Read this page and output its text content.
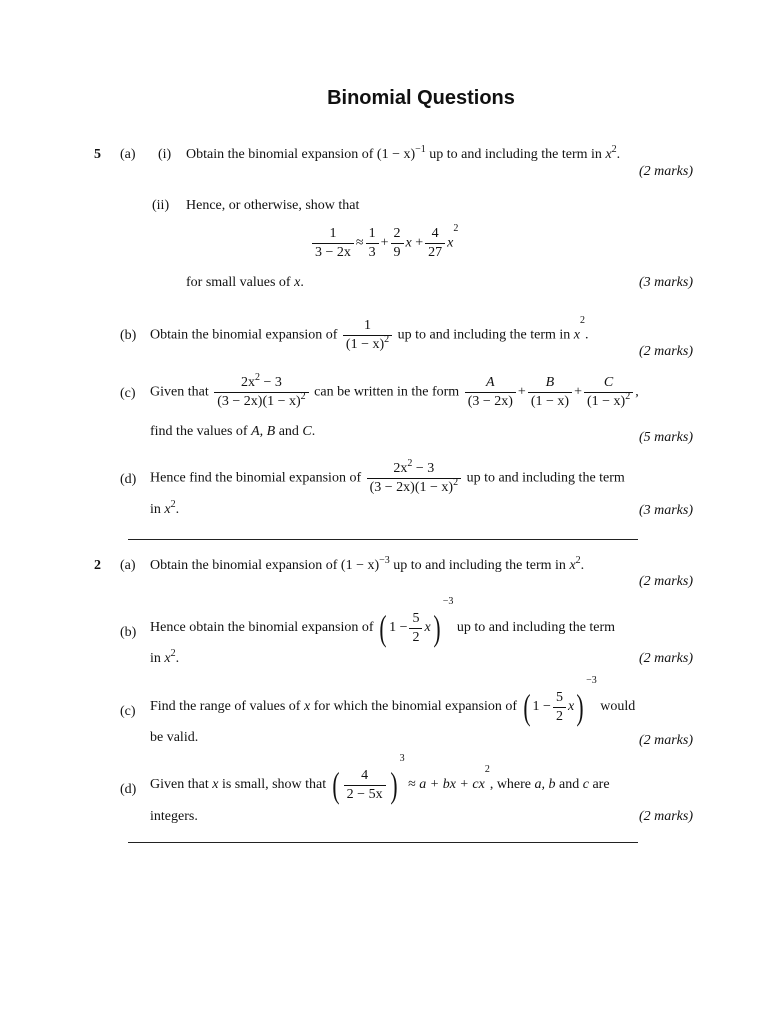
Binomial Questions
5 (a) (i) Obtain the binomial expansion of $(1 - x)^{-1}$ up to and including the term in $x^2$.
(2 marks)
(ii) Hence, or otherwise, show that
$\frac{1}{3 - 2x} \approx \frac{1}{3} + \frac{2}{9}$ $x + \frac{4}{27} x^2$
for small values of x.	(3 marks)
(b) Obtain the binomial expansion of $\frac{1}{(1 - x)^2}$ up to and including the term in $x^2$.
(2 marks)
(c) Given that $\frac{2x^2 - 3}{(3 - 2x)(1 - x)^2}$ can be written in the form $\frac{A}{(3 - 2x)} + \frac{B}{(1 - x)} + \frac{C}{(1 - x)^2}$ ,
find the values of A, B and C.	(5 marks)
(d) Hence find the binomial expansion of $\frac{2x^2 - 3}{(3 - 2x)(1 - x)^2}$ up to and including the term
in $x^2$.	(3 marks)
2 (a) Obtain the binomial expansion of $(1 - x)^{-3}$ up to and including the term in $x^2$.
(2 marks)
(b) Hence obtain the binomial expansion of ( $1 - \frac{5}{2} x)^{-3}$ up to and including the term
in $x^2$.	(2 marks)
(c) Find the range of values of x for which the binomial expansion of ( $1 - \frac{5}{2} x)^{-3}$ would
be valid.	(2 marks)
(d) Given that x is small, show that ( $\frac{4}{2 - 5x} )^3 \approx a$ + bx + $cx^2$, where a, b and c are
integers.	(2 marks)
